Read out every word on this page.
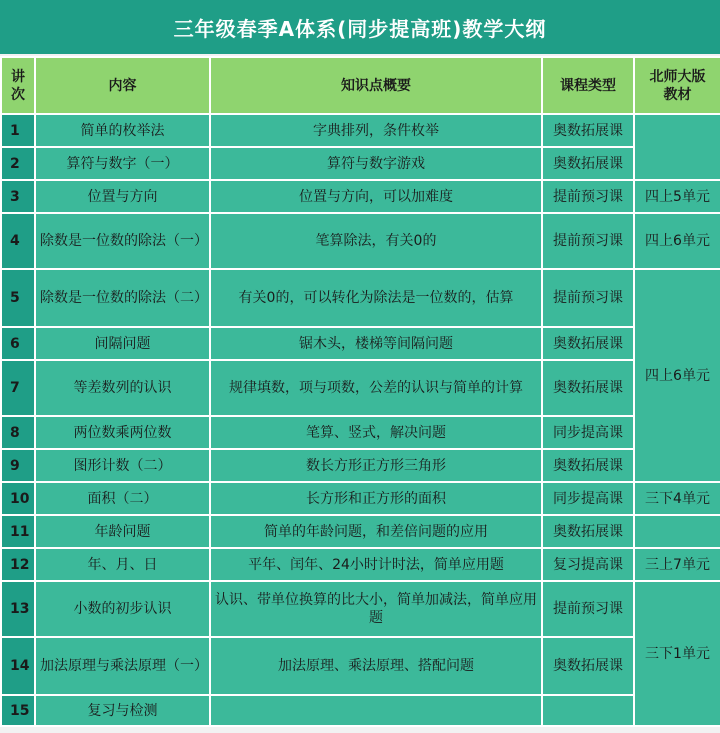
三年级春季A体系(同步提高班)教学大纲
讲次	内容	知识点概要	课程类型	北师大版教材
1	简单的枚举法	字典排列，条件枚举	奥数拓展课	
2	算符与数字（一）	算符与数字游戏	奥数拓展课	
3	位置与方向	位置与方向，可以加难度	提前预习课	四上5单元
4	除数是一位数的除法（一）	笔算除法，有关0的	提前预习课	四上6单元
5	除数是一位数的除法（二）	有关0的，可以转化为除法是一位数的，估算	提前预习课	四上6单元
6	间隔问题	锯木头，楼梯等间隔问题	奥数拓展课	
7	等差数列的认识	规律填数，项与项数，公差的认识与简单的计算	奥数拓展课	
8	两位数乘两位数	笔算、竖式，解决问题	同步提高课	
9	图形计数（二）	数长方形正方形三角形	奥数拓展课	
10	面积（二）	长方形和正方形的面积	同步提高课	三下4单元
11	年龄问题	简单的年龄问题，和差倍问题的应用	奥数拓展课	
12	年、月、日	平年、闰年、24小时计时法，简单应用题	复习提高课	三上7单元
13	小数的初步认识	认识、带单位换算的比大小，简单加减法，简单应用题	提前预习课	三下1单元
14	加法原理与乘法原理（一）	加法原理、乘法原理、搭配问题	奥数拓展课	
15	复习与检测			
